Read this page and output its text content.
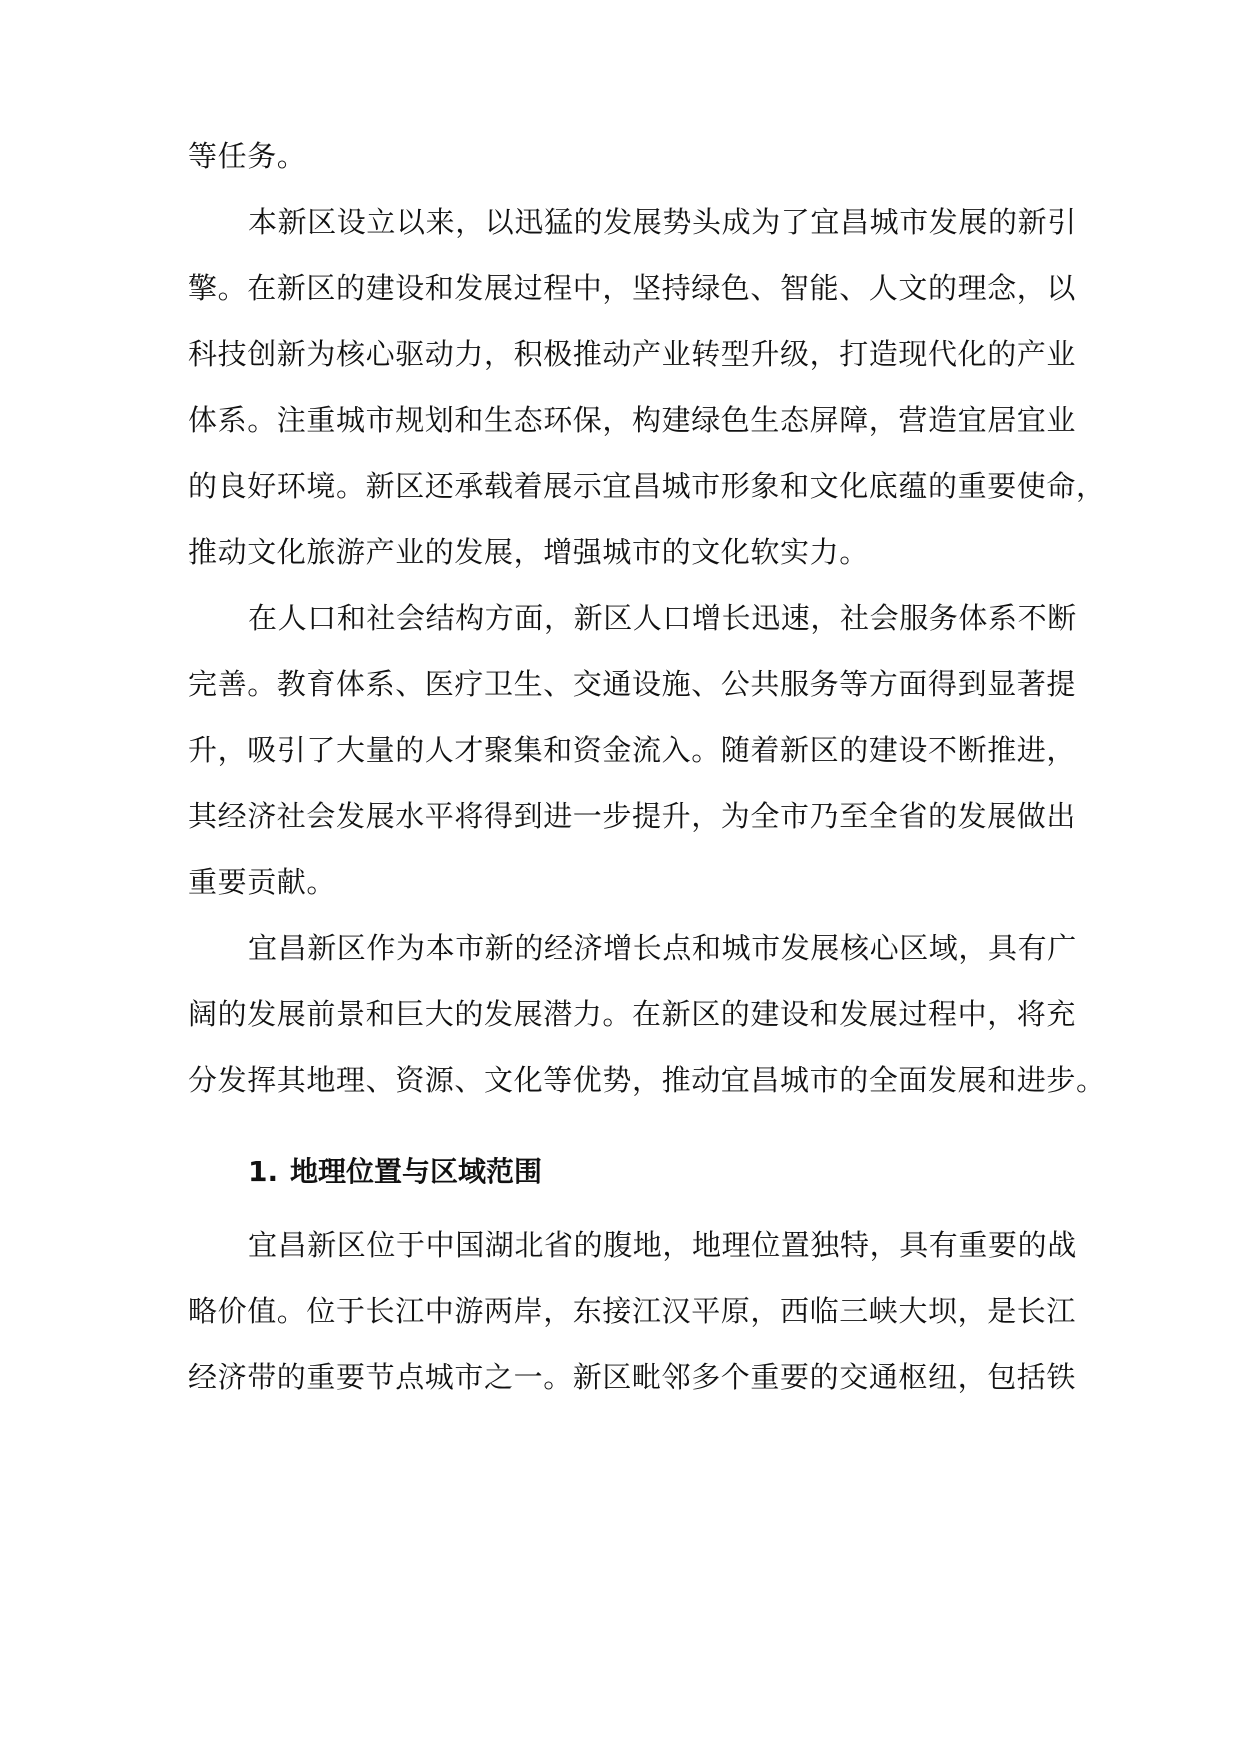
等任务。
本新区设立以来，以迅猛的发展势头成为了宜昌城市发展的新引
擎。在新区的建设和发展过程中，坚持绿色、智能、人文的理念，以
科技创新为核心驱动力，积极推动产业转型升级，打造现代化的产业
体系。注重城市规划和生态环保，构建绿色生态屏障，营造宜居宜业
的良好环境。新区还承载着展示宜昌城市形象和文化底蕴的重要使命，
推动文化旅游产业的发展，增强城市的文化软实力。
在人口和社会结构方面，新区人口增长迅速，社会服务体系不断
完善。教育体系、医疗卫生、交通设施、公共服务等方面得到显著提
升，吸引了大量的人才聚集和资金流入。随着新区的建设不断推进，
其经济社会发展水平将得到进一步提升，为全市乃至全省的发展做出
重要贡献。
宜昌新区作为本市新的经济增长点和城市发展核心区域，具有广
阔的发展前景和巨大的发展潜力。在新区的建设和发展过程中，将充
分发挥其地理、资源、文化等优势，推动宜昌城市的全面发展和进步。
1. 地理位置与区域范围
宜昌新区位于中国湖北省的腹地，地理位置独特，具有重要的战
略价值。位于长江中游两岸，东接江汉平原，西临三峡大坝，是长江
经济带的重要节点城市之一。新区毗邻多个重要的交通枢纽，包括铁
